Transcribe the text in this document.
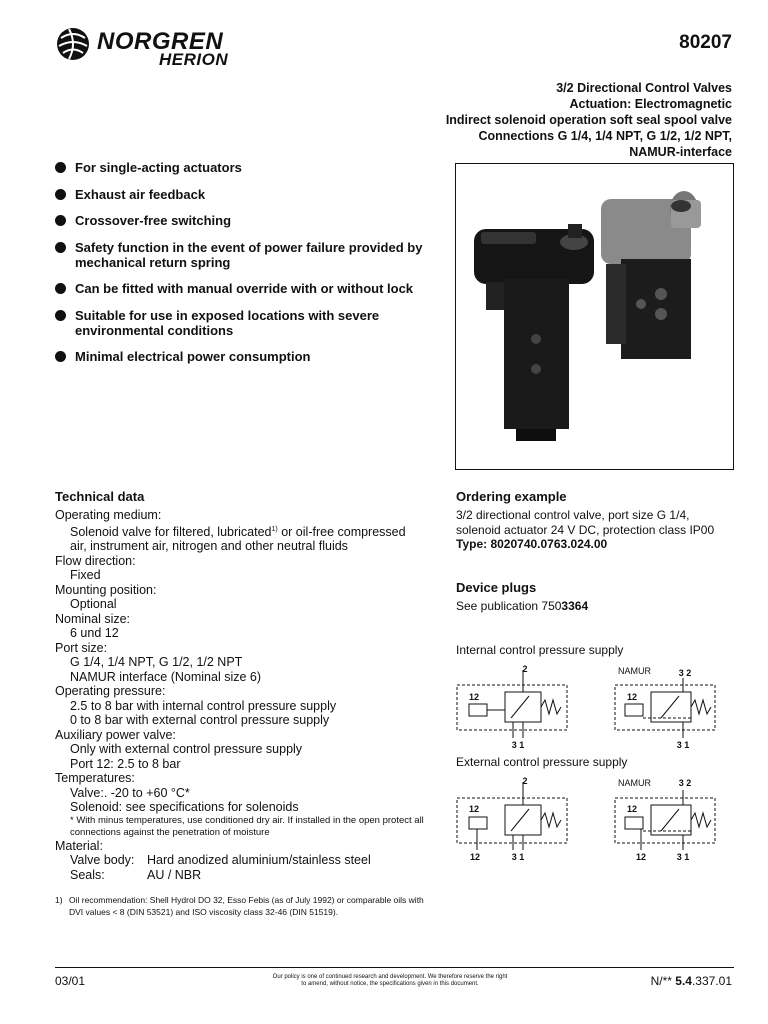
NORGREN
HERION
80207
3/2 Directional Control Valves
Actuation: Electromagnetic
Indirect solenoid operation soft seal spool valve
Connections G 1/4, 1/4 NPT, G 1/2, 1/2 NPT,
NAMUR-interface
For single-acting actuators
Exhaust air feedback
Crossover-free switching
Safety function in the event of power failure provided by mechanical return spring
Can be fitted with manual override with or without lock
Suitable for use in exposed locations with severe environmental conditions
Minimal electrical power consumption
Technical data
Operating medium:
Solenoid valve for filtered, lubricated$^{1)}$ or oil-free compressed
air, instrument air, nitrogen and other neutral fluids
Flow direction:
Fixed
Mounting position:
Optional
Nominal size:
6 und 12
Port size:
G 1/4, 1/4 NPT, G 1/2, 1/2 NPT
NAMUR interface (Nominal size 6)
Operating pressure:
2.5 to 8 bar with internal control pressure supply
0 to 8 bar with external control pressure supply
Auxiliary power valve:
Only with external control pressure supply
Port 12: 2.5 to 8 bar
Temperatures:
Valve:. -20 to +60 °C*
Solenoid: see specifications for solenoids
* With minus temperatures, use conditioned dry air. If installed in the open protect all connections against the penetration of moisture
Material:
Valve body:	Hard anodized aluminium/stainless steel
Seals:	AU / NBR
1) Oil recommendation: Shell Hydrol DO 32, Esso Febis (as of July 1992) or comparable oils with DVI values < 8 (DIN 53521) and ISO viscosity class 32-46 (DIN 51519).
Ordering example
3/2 directional control valve, port size G 1/4,
solenoid actuator 24 V DC, protection class IP00
Type: 8020740.0763.024.00
Device plugs
See publication 7503364
Internal control pressure supply
External control pressure supply
2	NAMUR	3 2
12	12
3 1	3 1
2	NAMUR	3 2
12	12
12	3 1	12	3 1
03/01	Our policy is one of continued research and development. We therefore reserve the right
to amend, without notice, the specifications given in this document.	N/** 5.4.337.01
